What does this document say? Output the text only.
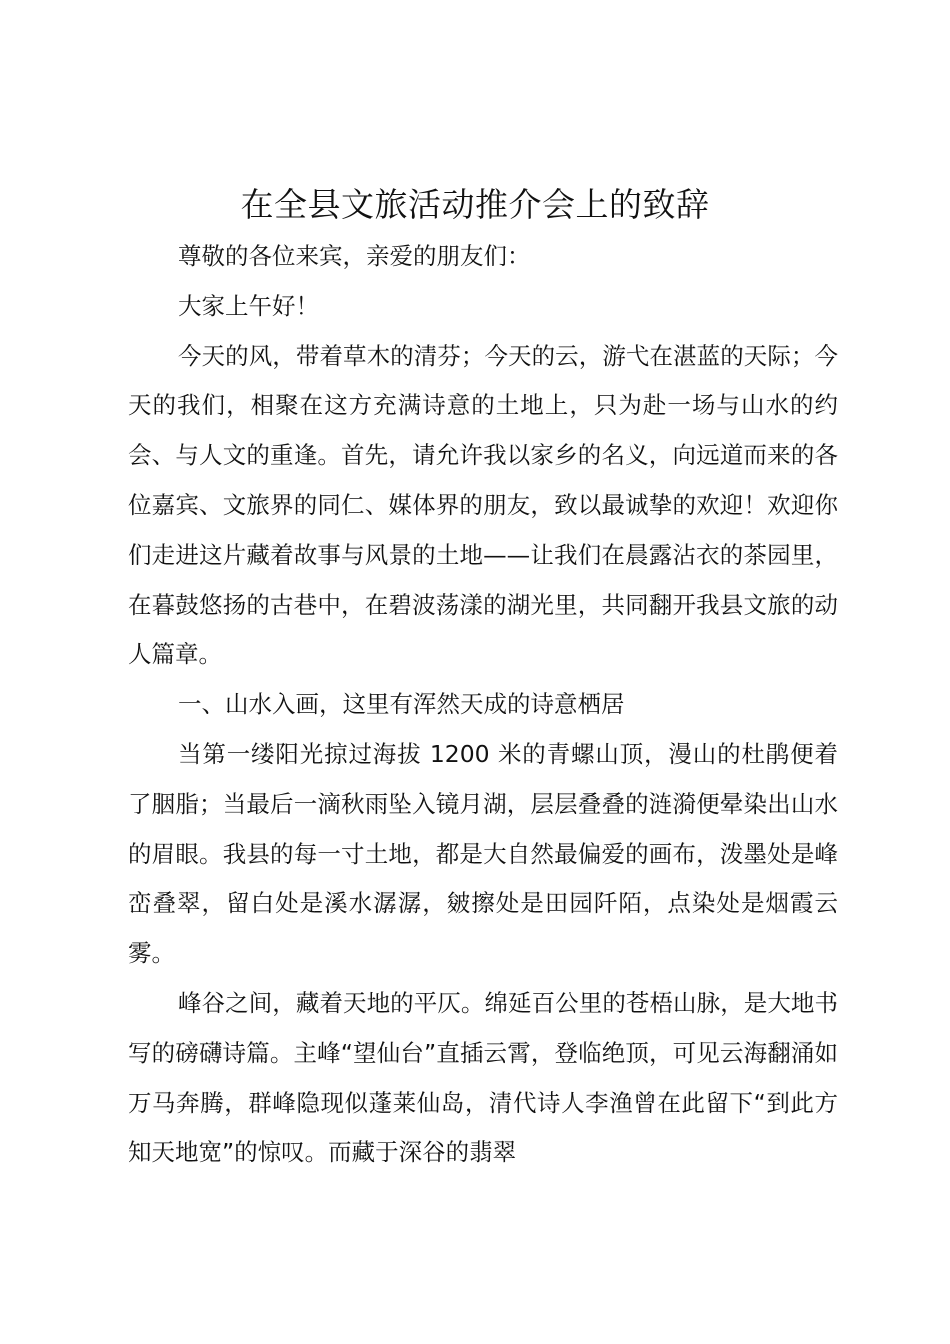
在全县文旅活动推介会上的致辞

尊敬的各位来宾，亲爱的朋友们：

大家上午好！

今天的风，带着草木的清芬；今天的云，游弋在湛蓝的天际；今天的我们，相聚在这方充满诗意的土地上，只为赴一场与山水的约会、与人文的重逢。首先，请允许我以家乡的名义，向远道而来的各位嘉宾、文旅界的同仁、媒体界的朋友，致以最诚挚的欢迎！欢迎你们走进这片藏着故事与风景的土地——让我们在晨露沾衣的茶园里，在暮鼓悠扬的古巷中，在碧波荡漾的湖光里，共同翻开我县文旅的动人篇章。

一、山水入画，这里有浑然天成的诗意栖居

当第一缕阳光掠过海拔 1200 米的青螺山顶，漫山的杜鹃便着了胭脂；当最后一滴秋雨坠入镜月湖，层层叠叠的涟漪便晕染出山水的眉眼。我县的每一寸土地，都是大自然最偏爱的画布，泼墨处是峰峦叠翠，留白处是溪水潺潺，皴擦处是田园阡陌，点染处是烟霞云雾。

峰谷之间，藏着天地的平仄。绵延百公里的苍梧山脉，是大地书写的磅礴诗篇。主峰“望仙台”直插云霄，登临绝顶，可见云海翻涌如万马奔腾，群峰隐现似蓬莱仙岛，清代诗人李渔曾在此留下“到此方知天地宽”的惊叹。而藏于深谷的翡翠
